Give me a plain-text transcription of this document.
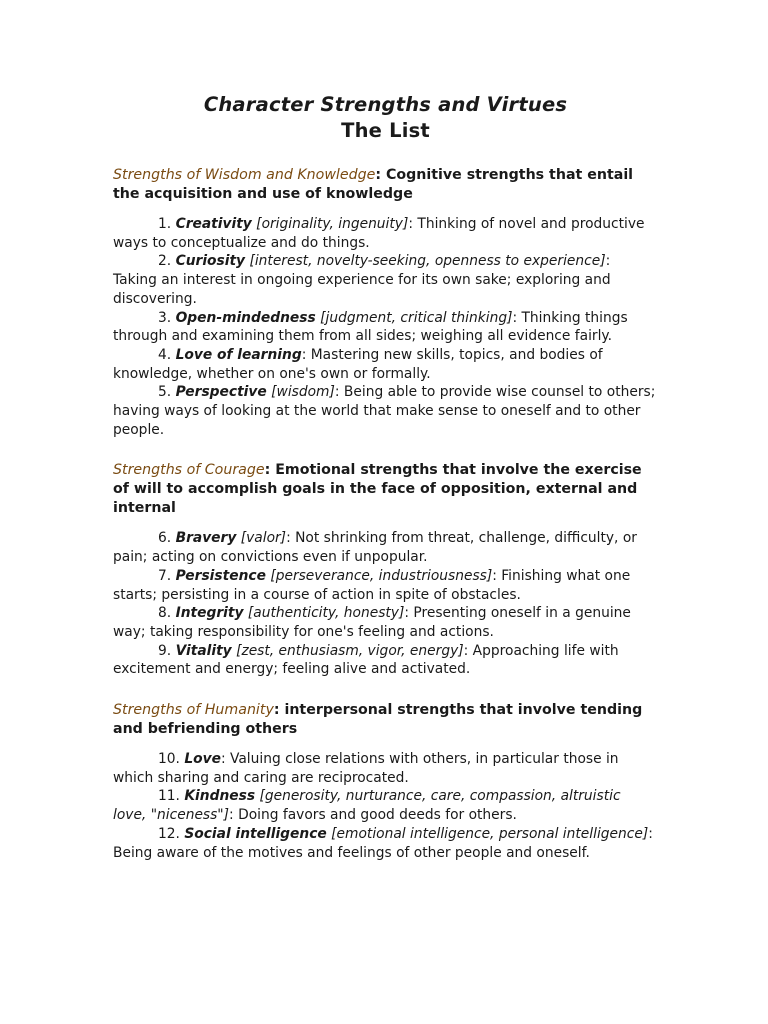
Character Strengths and Virtues
The List

Strengths of Wisdom and Knowledge: Cognitive strengths that entail the acquisition and use of knowledge

1. Creativity [originality, ingenuity]: Thinking of novel and productive ways to conceptualize and do things.

2. Curiosity [interest, novelty-seeking, openness to experience]: Taking an interest in ongoing experience for its own sake; exploring and discovering.

3. Open-mindedness [judgment, critical thinking]: Thinking things through and examining them from all sides; weighing all evidence fairly.

4. Love of learning: Mastering new skills, topics, and bodies of knowledge, whether on one's own or formally.

5. Perspective [wisdom]: Being able to provide wise counsel to others; having ways of looking at the world that make sense to oneself and to other people.

Strengths of Courage: Emotional strengths that involve the exercise of will to accomplish goals in the face of opposition, external and internal

6. Bravery [valor]: Not shrinking from threat, challenge, difficulty, or pain; acting on convictions even if unpopular.

7. Persistence [perseverance, industriousness]: Finishing what one starts; persisting in a course of action in spite of obstacles.

8. Integrity [authenticity, honesty]: Presenting oneself in a genuine way; taking responsibility for one's feeling and actions.

9. Vitality [zest, enthusiasm, vigor, energy]: Approaching life with excitement and energy; feeling alive and activated.

Strengths of Humanity: interpersonal strengths that involve tending and befriending others

10. Love: Valuing close relations with others, in particular those in which sharing and caring are reciprocated.

11. Kindness [generosity, nurturance, care, compassion, altruistic love, "niceness"]: Doing favors and good deeds for others.

12. Social intelligence [emotional intelligence, personal intelligence]: Being aware of the motives and feelings of other people and oneself.
